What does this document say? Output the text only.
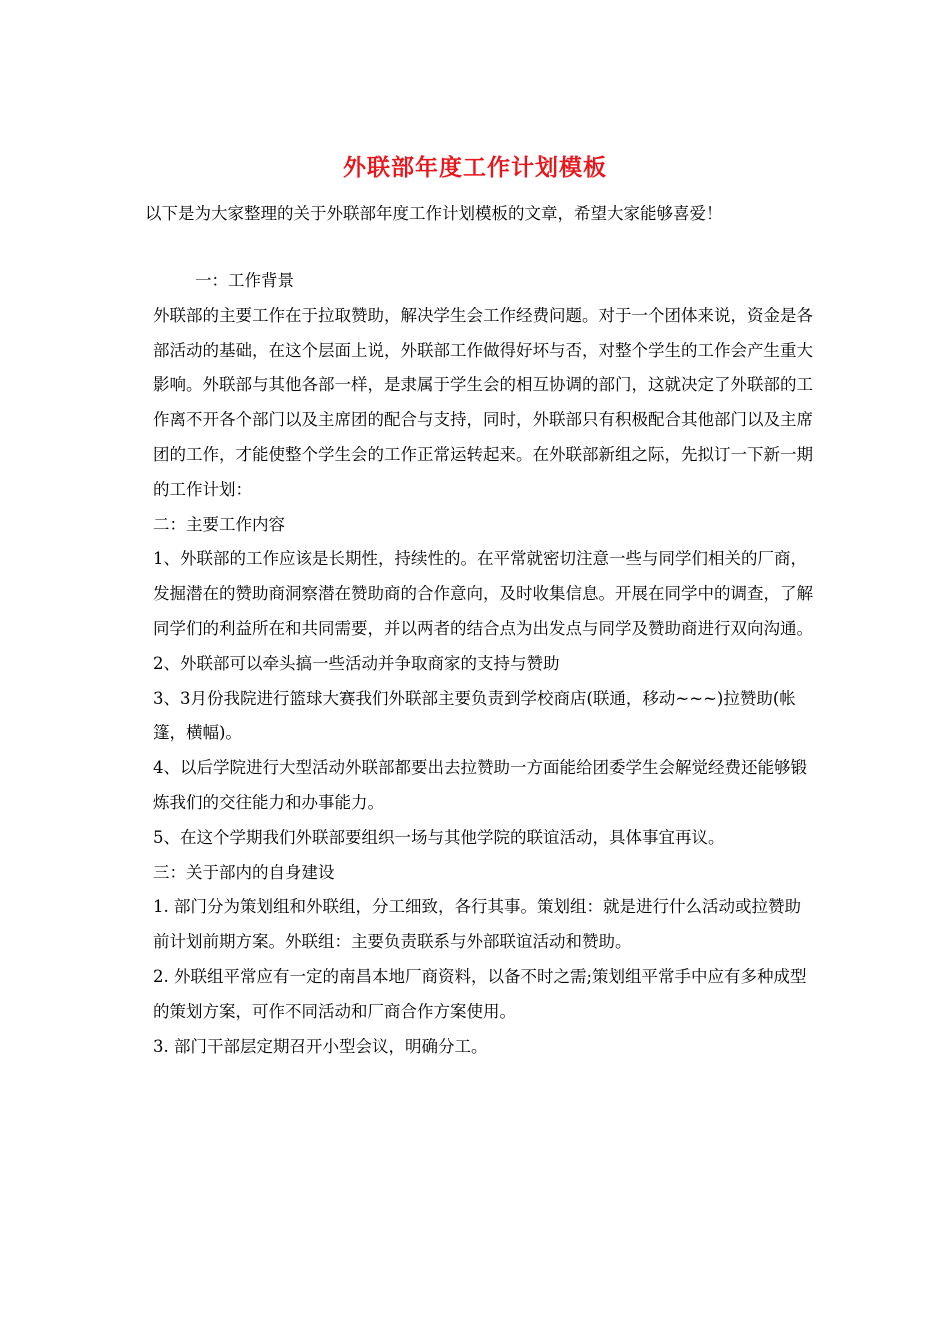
外联部年度工作计划模板
以下是为大家整理的关于外联部年度工作计划模板的文章，希望大家能够喜爱！

一：工作背景

外联部的主要工作在于拉取赞助，解决学生会工作经费问题。对于一个团体来说，资金是各部活动的基础，在这个层面上说，外联部工作做得好坏与否，对整个学生的工作会产生重大影响。外联部与其他各部一样，是隶属于学生会的相互协调的部门，这就决定了外联部的工作离不开各个部门以及主席团的配合与支持，同时，外联部只有积极配合其他部门以及主席团的工作，才能使整个学生会的工作正常运转起来。在外联部新组之际，先拟订一下新一期的工作计划：

二：主要工作内容

1、外联部的工作应该是长期性，持续性的。在平常就密切注意一些与同学们相关的厂商，发掘潜在的赞助商洞察潜在赞助商的合作意向，及时收集信息。开展在同学中的调查，了解同学们的利益所在和共同需要，并以两者的结合点为出发点与同学及赞助商进行双向沟通。

2、外联部可以牵头搞一些活动并争取商家的支持与赞助

3、3月份我院进行篮球大赛我们外联部主要负责到学校商店(联通，移动~~~)拉赞助(帐篷，横幅)。

4、以后学院进行大型活动外联部都要出去拉赞助一方面能给团委学生会解觉经费还能够锻炼我们的交往能力和办事能力。

5、在这个学期我们外联部要组织一场与其他学院的联谊活动，具体事宜再议。

三：关于部内的自身建设

1. 部门分为策划组和外联组，分工细致，各行其事。策划组：就是进行什么活动或拉赞助前计划前期方案。外联组：主要负责联系与外部联谊活动和赞助。

2. 外联组平常应有一定的南昌本地厂商资料，以备不时之需;策划组平常手中应有多种成型的策划方案，可作不同活动和厂商合作方案使用。

3. 部门干部层定期召开小型会议，明确分工。
